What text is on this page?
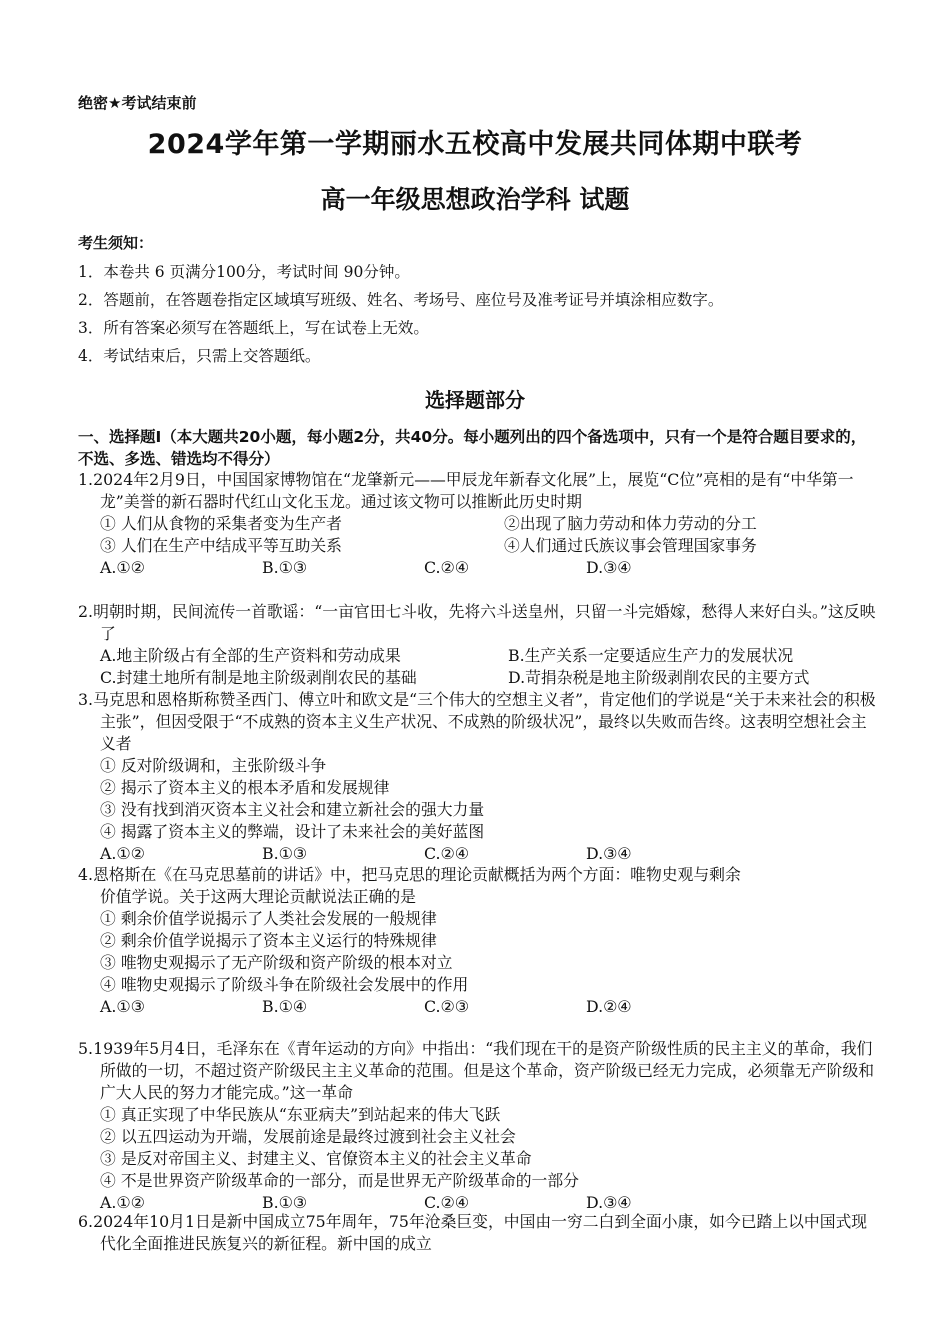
绝密★考试结束前
2024学年第一学期丽水五校高中发展共同体期中联考
高一年级思想政治学科 试题
考生须知：
1．本卷共 6 页满分100分，考试时间 90分钟。
2．答题前，在答题卷指定区域填写班级、姓名、考场号、座位号及准考证号并填涂相应数字。
3．所有答案必须写在答题纸上，写在试卷上无效。
4．考试结束后，只需上交答题纸。
选择题部分
一、选择题Ⅰ（本大题共20小题，每小题2分，共40分。每小题列出的四个备选项中，只有一个是符合题目要求的，不选、多选、错选均不得分）
1.2024年2月9日，中国国家博物馆在“龙肇新元——甲辰龙年新春文化展”上，展览“C位”亮相的是有“中华第一龙”美誉的新石器时代红山文化玉龙。通过该文物可以推断此历史时期
① 人们从食物的采集者变为生产者	②出现了脑力劳动和体力劳动的分工
③ 人们在生产中结成平等互助关系	④人们通过氏族议事会管理国家事务
A.①②	B.①③	C.②④	D.③④
2.明朝时期，民间流传一首歌谣：“一亩官田七斗收，先将六斗送皇州，只留一斗完婚嫁，愁得人来好白头。”这反映了
A.地主阶级占有全部的生产资料和劳动成果	B.生产关系一定要适应生产力的发展状况
C.封建土地所有制是地主阶级剥削农民的基础	D.苛捐杂税是地主阶级剥削农民的主要方式
3.马克思和恩格斯称赞圣西门、傅立叶和欧文是“三个伟大的空想主义者”，肯定他们的学说是“关于未来社会的积极主张”，但因受限于“不成熟的资本主义生产状况、不成熟的阶级状况”，最终以失败而告终。这表明空想社会主义者
① 反对阶级调和，主张阶级斗争
② 揭示了资本主义的根本矛盾和发展规律
③ 没有找到消灭资本主义社会和建立新社会的强大力量
④ 揭露了资本主义的弊端，设计了未来社会的美好蓝图
A.①②	B.①③	C.②④	D.③④
4.恩格斯在《在马克思墓前的讲话》中，把马克思的理论贡献概括为两个方面：唯物史观与剩余
价值学说。关于这两大理论贡献说法正确的是
① 剩余价值学说揭示了人类社会发展的一般规律
② 剩余价值学说揭示了资本主义运行的特殊规律
③ 唯物史观揭示了无产阶级和资产阶级的根本对立
④ 唯物史观揭示了阶级斗争在阶级社会发展中的作用
A.①③	B.①④	C.②③	D.②④
5.1939年5月4日，毛泽东在《青年运动的方向》中指出：“我们现在干的是资产阶级性质的民主主义的革命，我们所做的一切，不超过资产阶级民主主义革命的范围。但是这个革命，资产阶级已经无力完成，必须靠无产阶级和广大人民的努力才能完成。”这一革命
① 真正实现了中华民族从“东亚病夫”到站起来的伟大飞跃
② 以五四运动为开端，发展前途是最终过渡到社会主义社会
③ 是反对帝国主义、封建主义、官僚资本主义的社会主义革命
④ 不是世界资产阶级革命的一部分，而是世界无产阶级革命的一部分
A.①②	B.①③	C.②④	D.③④
6.2024年10月1日是新中国成立75年周年，75年沧桑巨变，中国由一穷二白到全面小康，如今已踏上以中国式现代化全面推进民族复兴的新征程。新中国的成立
